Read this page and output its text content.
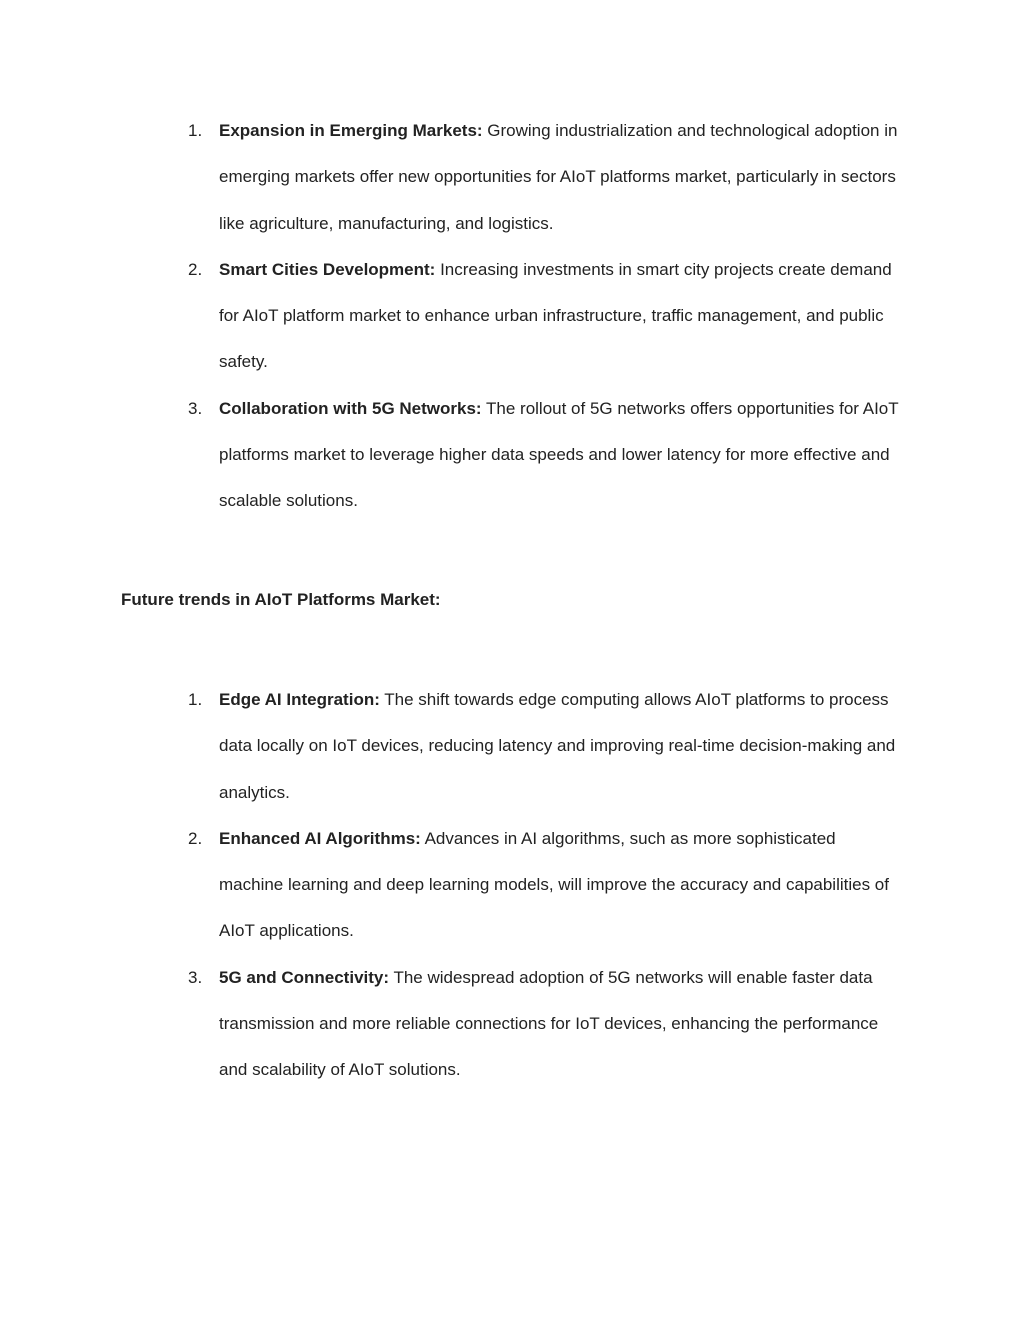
1. Expansion in Emerging Markets: Growing industrialization and technological adoption in emerging markets offer new opportunities for AIoT platforms market, particularly in sectors like agriculture, manufacturing, and logistics.
2. Smart Cities Development: Increasing investments in smart city projects create demand for AIoT platform market to enhance urban infrastructure, traffic management, and public safety.
3. Collaboration with 5G Networks: The rollout of 5G networks offers opportunities for AIoT platforms market to leverage higher data speeds and lower latency for more effective and scalable solutions.
Future trends in AIoT Platforms Market:
1. Edge AI Integration: The shift towards edge computing allows AIoT platforms to process data locally on IoT devices, reducing latency and improving real-time decision-making and analytics.
2. Enhanced AI Algorithms: Advances in AI algorithms, such as more sophisticated machine learning and deep learning models, will improve the accuracy and capabilities of AIoT applications.
3. 5G and Connectivity: The widespread adoption of 5G networks will enable faster data transmission and more reliable connections for IoT devices, enhancing the performance and scalability of AIoT solutions.
